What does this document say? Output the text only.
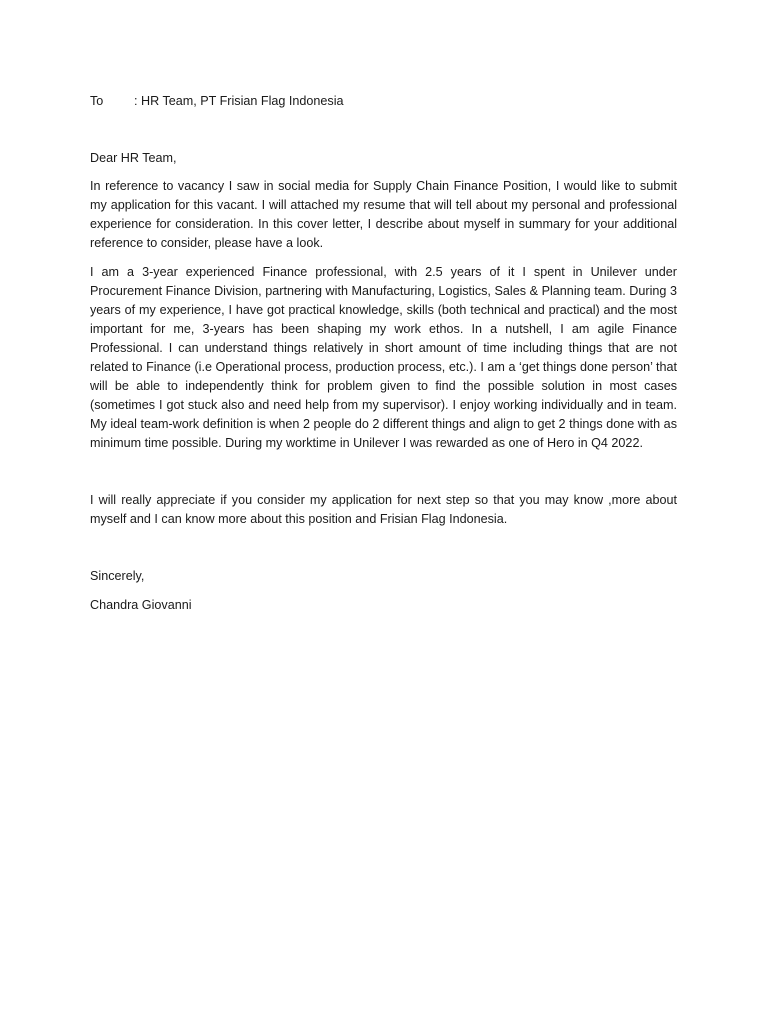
To	: HR Team, PT Frisian Flag Indonesia
Dear HR Team,

In reference to vacancy I saw in social media for Supply Chain Finance Position, I would like to submit my application for this vacant. I will attached my resume that will tell about my personal and professional experience for consideration. In this cover letter, I describe about myself in summary for your additional reference to consider, please have a look.

I am a 3-year experienced Finance professional, with 2.5 years of it I spent in Unilever under Procurement Finance Division, partnering with Manufacturing, Logistics, Sales & Planning team. During 3 years of my experience, I have got practical knowledge, skills (both technical and practical) and the most important for me, 3-years has been shaping my work ethos. In a nutshell, I am agile Finance Professional. I can understand things relatively in short amount of time including things that are not related to Finance (i.e Operational process, production process, etc.). I am a ‘get things done person’ that will be able to independently think for problem given to find the possible solution in most cases (sometimes I got stuck also and need help from my supervisor). I enjoy working individually and in team. My ideal team-work definition is when 2 people do 2 different things and align to get 2 things done with as minimum time possible. During my worktime in Unilever I was rewarded as one of Hero in Q4 2022.

I will really appreciate if you consider my application for next step so that you may know ,more about myself and I can know more about this position and Frisian Flag Indonesia.

Sincerely,
Chandra Giovanni
